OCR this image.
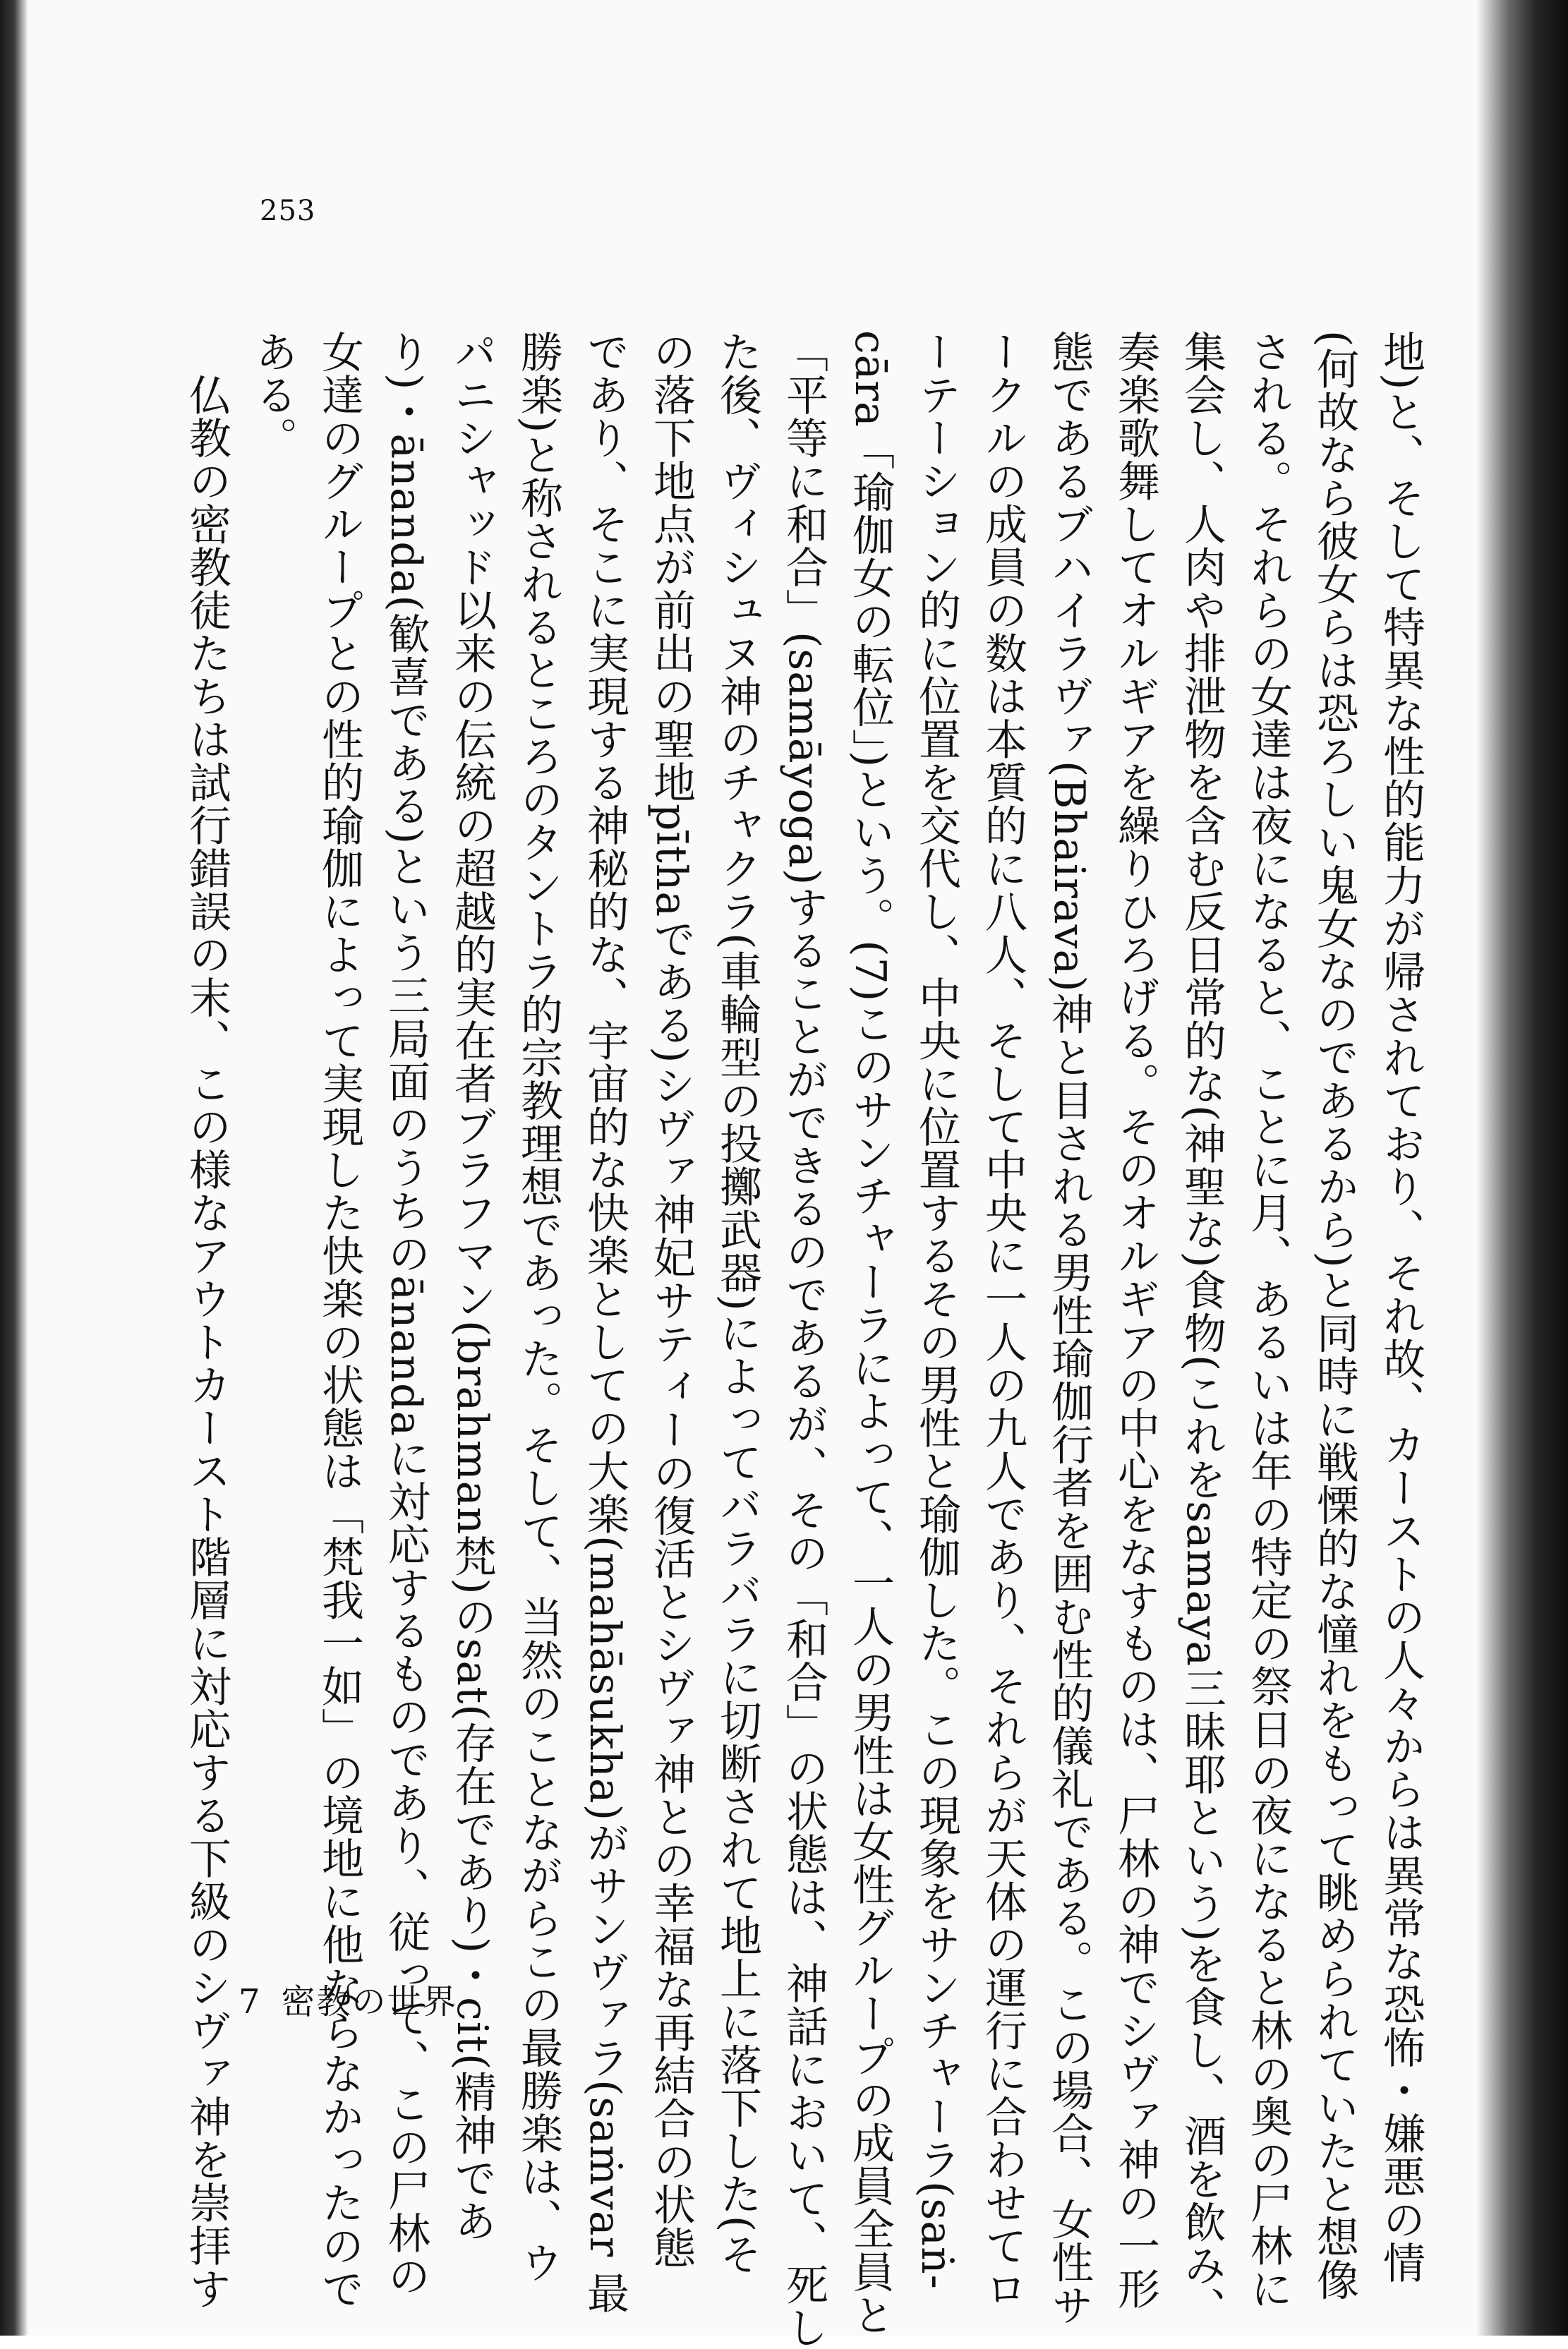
253
地)と、そして特異な性的能力が帰されており、それ故、カーストの人々からは異常な恐怖・嫌悪の情
(何故なら彼女らは恐ろしい鬼女なのであるから)と同時に戦慄的な憧れをもって眺められていたと想像
される。それらの女達は夜になると、ことに月、あるいは年の特定の祭日の夜になると林の奥の尸林に
集会し、人肉や排泄物を含む反日常的な(神聖な)食物(これをsamaya三昧耶という)を食し、酒を飲み、
奏楽歌舞してオルギアを繰りひろげる。そのオルギアの中心をなすものは、尸林の神でシヴァ神の一形
態であるブハイラヴァ(Bhairava)神と目される男性瑜伽行者を囲む性的儀礼である。この場合、女性サ
ークルの成員の数は本質的に八人、そして中央に一人の九人であり、それらが天体の運行に合わせてロ
ーテーション的に位置を交代し、中央に位置するその男性と瑜伽した。この現象をサンチャーラ(saṅ-
cāra「瑜伽女の転位」)という。(7)このサンチャーラによって、一人の男性は女性グループの成員全員と
「平等に和合」(samāyoga)することができるのであるが、その「和合」の状態は、神話において、死し
た後、ヴィシュヌ神のチャクラ(車輪型の投擲武器)によってバラバラに切断されて地上に落下した(そ
の落下地点が前出の聖地pīthaである)シヴァ神妃サティーの復活とシヴァ神との幸福な再結合の状態
であり、そこに実現する神秘的な、宇宙的な快楽としての大楽(mahāsukha)がサンヴァラ(saṁvar 最
勝楽)と称されるところのタントラ的宗教理想であった。そして、当然のことながらこの最勝楽は、ウ
パニシャッド以来の伝統の超越的実在者ブラフマン(brahman梵)のsat(存在であり)・cit(精神であ
り)・ānanda(歓喜である)という三局面のうちのānandaに対応するものであり、従って、この尸林の
女達のグループとの性的瑜伽によって実現した快楽の状態は「梵我一如」の境地に他ならなかったので
ある。
　仏教の密教徒たちは試行錯誤の末、この様なアウトカースト階層に対応する下級のシヴァ神を崇拝す 7 密教の世界
